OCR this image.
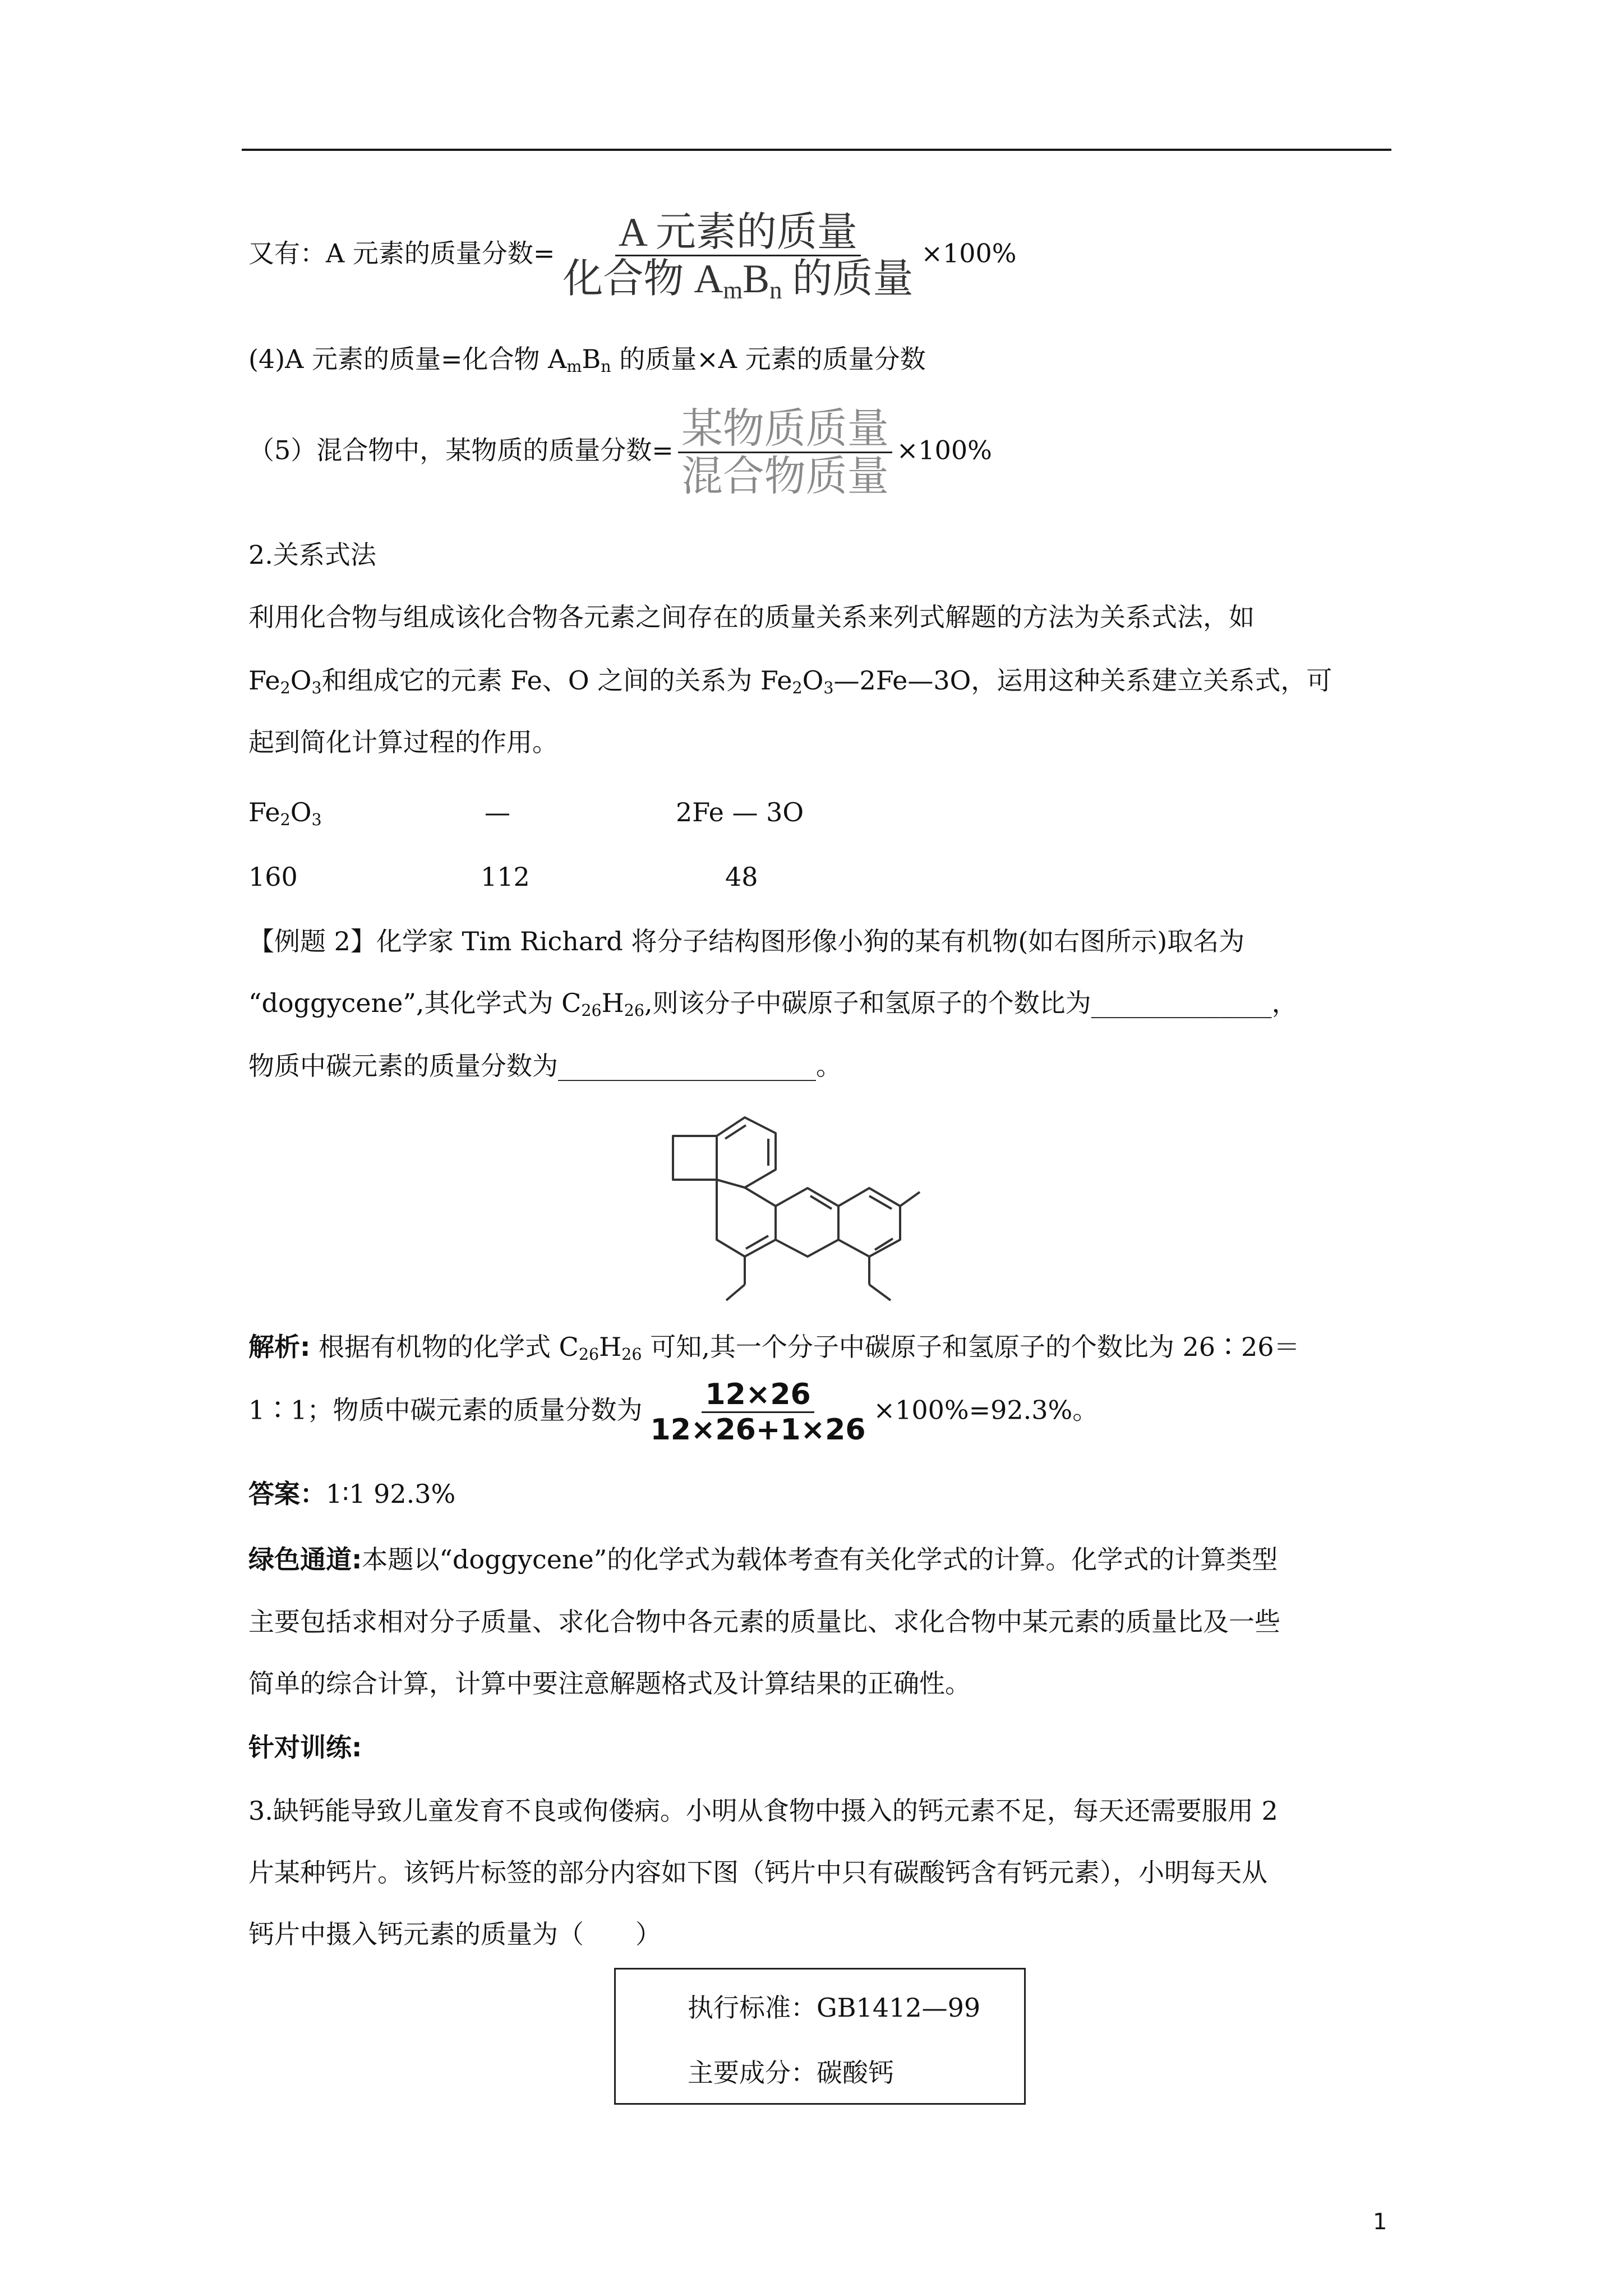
又有：A 元素的质量分数= $\frac{\text{A 元素的质量}}{化合物 A_mB_n 的质量} \times 100\%$
(4)A 元素的质量=化合物 $A_mB_n$ 的质量×A 元素的质量分数
（5）混合物中，某物质的质量分数= $\frac{\text{某物质质量}}{\text{混合物质量}} \times 100\%$
2.关系式法
利用化合物与组成该化合物各元素之间存在的质量关系来列式解题的方法为关系式法，如
$Fe_2O_3$和组成它的元素 Fe、O 之间的关系为 $Fe_2O_3—2Fe—3O$，运用这种关系建立关系式，可
起到简化计算过程的作用。
$Fe_2O_3$	—	2Fe — 3O
160	112	48
【例题 2】化学家 Tim Richard 将分子结构图形像小狗的某有机物(如右图所示)取名为
“doggycene”,其化学式为 $C_{26}H_{26}$,则该分子中碳原子和氢原子的个数比为______________，
物质中碳元素的质量分数为____________________。
解析: 根据有机物的化学式 $C_{26}H_{26}$ 可知,其一个分子中碳原子和氢原子的个数比为 26∶26＝
1∶1；物质中碳元素的质量分数为 $\frac{12\times 26}{12\times 26+1\times 26} \times 100\%=92.3\%$。
答案：1∶1 92.3%
绿色通道:本题以“doggycene”的化学式为载体考查有关化学式的计算。化学式的计算类型
主要包括求相对分子质量、求化合物中各元素的质量比、求化合物中某元素的质量比及一些
简单的综合计算，计算中要注意解题格式及计算结果的正确性。
针对训练:
3.缺钙能导致儿童发育不良或佝偻病。小明从食物中摄入的钙元素不足，每天还需要服用 2
片某种钙片。该钙片标签的部分内容如下图（钙片中只有碳酸钙含有钙元素），小明每天从
钙片中摄入钙元素的质量为（　　）
执行标准：GB1412—99
主要成分：碳酸钙
1
